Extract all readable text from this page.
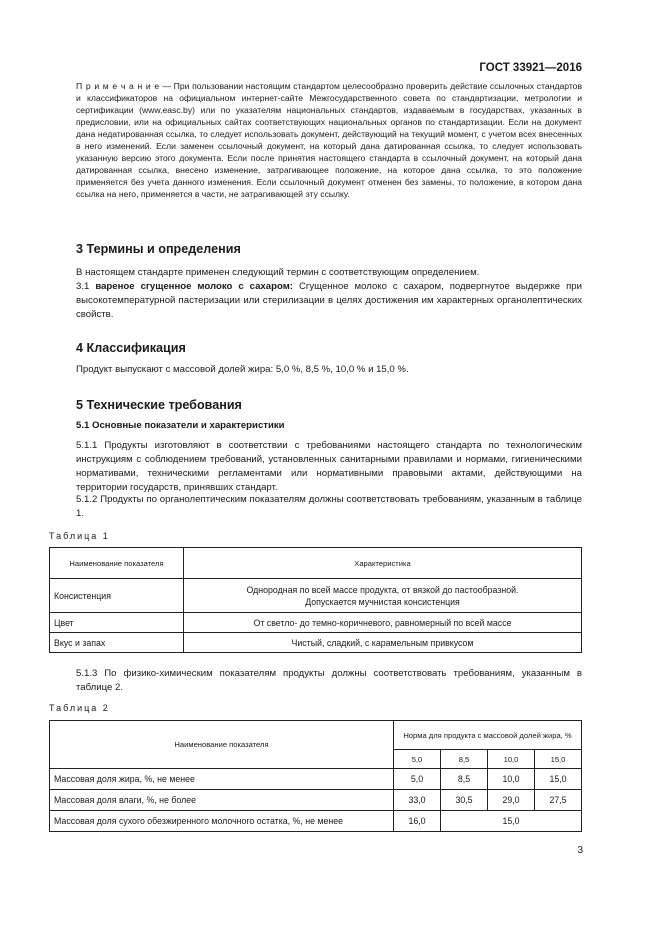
ГОСТ 33921—2016
П р и м е ч а н и е — При пользовании настоящим стандартом целесообразно проверить действие ссылочных стандартов и классификаторов на официальном интернет-сайте Межгосударственного совета по стандартизации, метрологии и сертификации (www.easc.by) или по указателям национальных стандартов, издаваемым в государствах, указанных в предисловии, или на официальных сайтах соответствующих национальных органов по стандартизации. Если на документ дана недатированная ссылка, то следует использовать документ, действующий на текущий момент, с учетом всех внесенных в него изменений. Если заменен ссылочный документ, на который дана датированная ссылка, то следует использовать указанную версию этого документа. Если после принятия настоящего стандарта в ссылочный документ, на который дана датированная ссылка, внесено изменение, затрагивающее положение, на которое дана ссылка, то это положение применяется без учета данного изменения. Если ссылочный документ отменен без замены, то положение, в котором дана ссылка на него, применяется в части, не затрагивающей эту ссылку.
3 Термины и определения
В настоящем стандарте применен следующий термин с соответствующим определением.
3.1 вареное сгущенное молоко с сахаром: Сгущенное молоко с сахаром, подвергнутое выдержке при высокотемпературной пастеризации или стерилизации в целях достижения им характерных органолептических свойств.
4 Классификация
Продукт выпускают с массовой долей жира: 5,0 %, 8,5 %, 10,0 % и 15,0 %.
5 Технические требования
5.1 Основные показатели и характеристики
5.1.1 Продукты изготовляют в соответствии с требованиями настоящего стандарта по технологическим инструкциям с соблюдением требований, установленных санитарными правилами и нормами, гигиеническими нормативами, техническими регламентами или нормативными правовыми актами, действующими на территории государств, принявших стандарт.
5.1.2 Продукты по органолептическим показателям должны соответствовать требованиям, указанным в таблице 1.
Таблица 1
Наименование показателя	Характеристика
Консистенция	Однородная по всей массе продукта, от вязкой до пастообразной.
Допускается мучнистая консистенция
Цвет	От светло- до темно-коричневого, равномерный по всей массе
Вкус и запах	Чистый, сладкий, с карамельным привкусом
5.1.3 По физико-химическим показателям продукты должны соответствовать требованиям, указанным в таблице 2.
Таблица 2
Наименование показателя	Норма для продукта с массовой долей жира, %			
	5,0	8,5	10,0	15,0
Массовая доля жира, %, не менее	5,0	8,5	10,0	15,0
Массовая доля влаги, %, не более	33,0	30,5	29,0	27,5
Массовая доля сухого обезжиренного молочного остатка, %, не менее	16,0	15,0		
3
